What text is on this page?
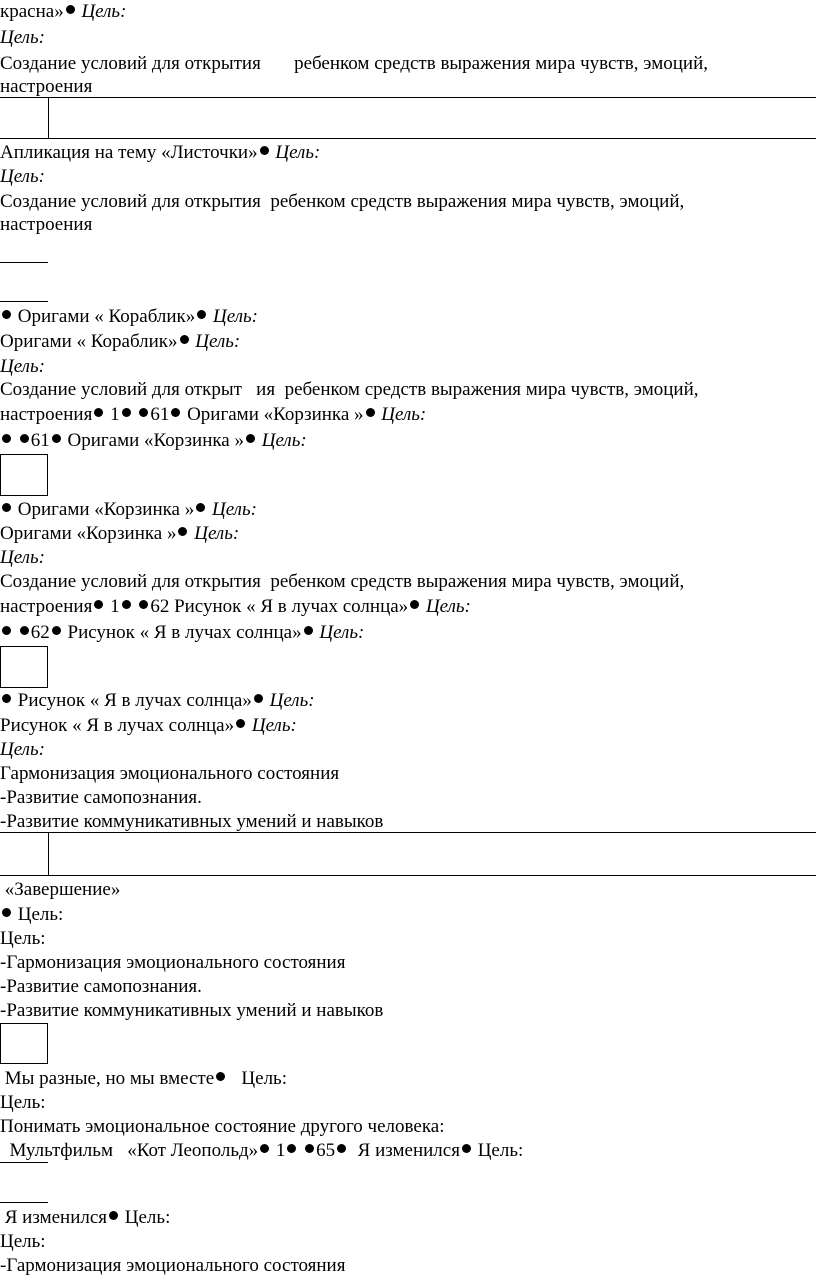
красна» Цель:
Цель:
Создание условий для открытия       ребенком средств выражения мира чувств, эмоций,
настроения
Апликация на тему «Листочки» Цель:
Цель:
Создание условий для открытия  ребенком средств выражения мира чувств, эмоций,
настроения
Оригами « Кораблик» Цель:
Оригами « Кораблик» Цель:
Цель:
Создание условий для открыт   ия  ребенком средств выражения мира чувств, эмоций,
настроения 1 61 Оригами «Корзинка » Цель:
61 Оригами «Корзинка » Цель:
Оригами «Корзинка » Цель:
Оригами «Корзинка » Цель:
Цель:
Создание условий для открытия  ребенком средств выражения мира чувств, эмоций,
настроения 1 62 Рисунок « Я в лучах солнца» Цель:
62 Рисунок « Я в лучах солнца» Цель:
Рисунок « Я в лучах солнца» Цель:
Рисунок « Я в лучах солнца» Цель:
Цель:
Гармонизация эмоционального состояния
-Развитие самопознания.
-Развитие коммуникативных умений и навыков
«Завершение»
Цель:
Цель:
-Гармонизация эмоционального состояния
-Развитие самопознания.
-Развитие коммуникативных умений и навыков
Мы разные, но мы вместе   Цель:
Цель:
Понимать эмоциональное состояние другого человека:
Мультфильм   «Кот Леопольд» 1 65  Я изменился Цель:
Я изменился Цель:
Цель:
-Гармонизация эмоционального состояния
